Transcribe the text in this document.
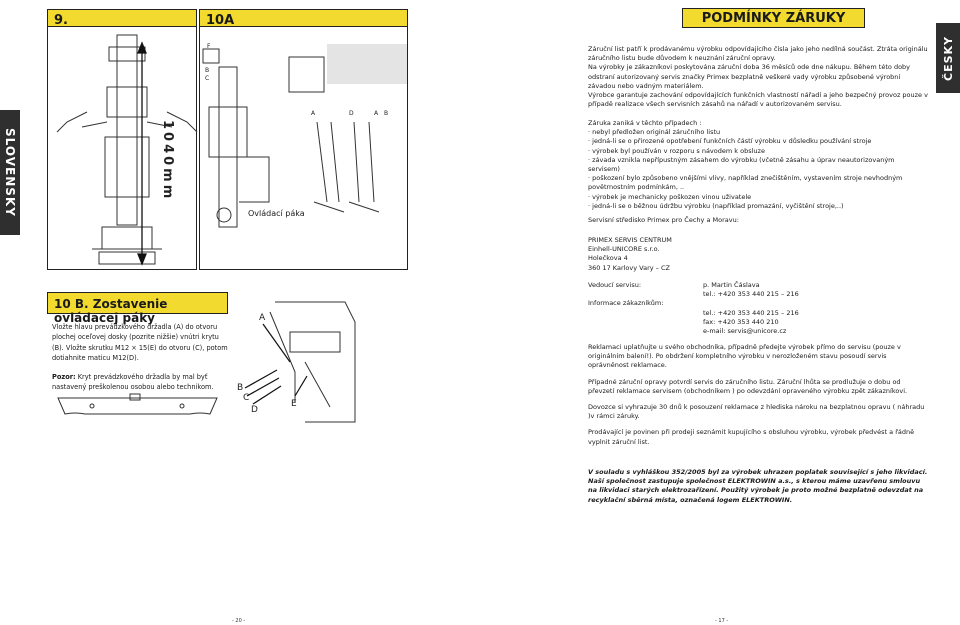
SLOVENSKY
9.	10A
1040mm
F
B
C
A	D	A B
Ovládací páka
10 B. Zostavenie ovládacej páky

Vložte hlavu prevádzkového držadla (A) do otvoru plochej oceľovej dosky (pozrite nižšie) vnútri krytu (B). Vložte skrutku M12 × 15(E) do otvoru (C), potom dotiahnite maticu M12(D).

Pozor: Kryt prevádzkového držadla by mal byť nastavený preškolenou osobou alebo technikom.

A
B
C
D
E
- 20 -
PODMÍNKY ZÁRUKY
ČESKY

Záruční list patří k prodávanému výrobku odpovídajícího čísla jako jeho nedílná součást. Ztráta originálu záručního listu bude důvodem k neuznání záruční opravy.

Na výrobky je zákazníkovi poskytována záruční doba 36 měsíců ode dne nákupu. Během této doby odstraní autorizovaný servis značky Primex bezplatně veškeré vady výrobku způsobené výrobní závadou nebo vadným materiálem.

Výrobce garantuje zachování odpovídajících funkčních vlastností nářadí a jeho bezpečný provoz pouze v případě realizace všech servisních zásahů na nářadí v autorizovaném servisu.

Záruka zaniká v těchto případech :
· nebyl předložen originál záručního listu
· jedná-li se o přirozené opotřebení funkčních částí výrobku v důsledku používání stroje
· výrobek byl používán v rozporu s návodem k obsluze
· závada vznikla nepřípustným zásahem do výrobku (včetně zásahu a úprav neautorizovaným servisem)
· poškození bylo způsobeno vnějšími vlivy, například znečištěním, vystavením stroje nevhodným povětrnostním podmínkám, ..
· výrobek je mechanicky poškozen vinou uživatele
· jedná-li se o běžnou údržbu výrobku (například promazání, vyčištění stroje,..)
Servisní středisko Primex pro Čechy a Moravu:
PRIMEX SERVIS CENTRUM
Einhell-UNICORE s.r.o.
Holečkova 4
360 17 Karlovy Vary – CZ
Vedoucí servisu:	p. Martin Čáslava
tel.: +420 353 440 215 – 216
Informace zákazníkům:
tel.: +420 353 440 215 – 216
fax: +420 353 440 210
e-mail: servis@unicore.cz

Reklamaci uplatňujte u svého obchodníka, případně předejte výrobek přímo do servisu (pouze v originálním balení!). Po obdržení kompletního výrobku v nerozloženém stavu posoudí servis oprávněnost reklamace.

Případné záruční opravy potvrdí servis do záručního listu. Záruční lhůta se prodlužuje o dobu od převzetí reklamace servisem (obchodníkem ) po odevzdání opraveného výrobku zpět zákazníkovi.

Dovozce si vyhrazuje 30 dnů k posouzení reklamace z hlediska nároku na bezplatnou opravu ( náhradu )v rámci záruky.

Prodávající je povinen při prodeji seznámit kupujícího s obsluhou výrobku, výrobek předvést a řádně vyplnit záruční list.

V souladu s vyhláškou 352/2005 byl za výrobek uhrazen poplatek související s jeho likvidací. Naší společnost zastupuje společnost ELEKTROWIN a.s., s kterou máme uzavřenu smlouvu na likvidaci starých elektrozařízení. Použitý výrobek je proto možné bezplatně odevzdat na recyklační sběrná místa, označená logem ELEKTROWIN.

- 17 -
